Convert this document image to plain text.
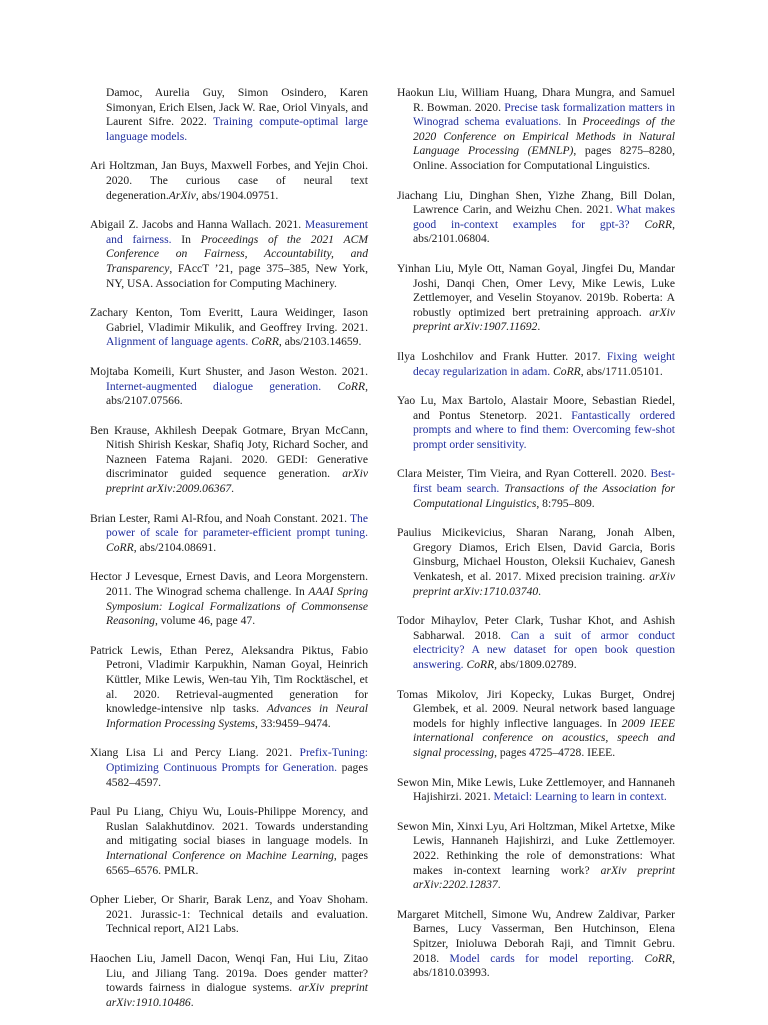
Damoc, Aurelia Guy, Simon Osindero, Karen Simonyan, Erich Elsen, Jack W. Rae, Oriol Vinyals, and Laurent Sifre. 2022. Training compute-optimal large language models.

Ari Holtzman, Jan Buys, Maxwell Forbes, and Yejin Choi. 2020. The curious case of neural text degeneration.ArXiv, abs/1904.09751.

Abigail Z. Jacobs and Hanna Wallach. 2021. Measurement and fairness. In Proceedings of the 2021 ACM Conference on Fairness, Accountability, and Transparency, FAccT ’21, page 375–385, New York, NY, USA. Association for Computing Machinery.

Zachary Kenton, Tom Everitt, Laura Weidinger, Iason Gabriel, Vladimir Mikulik, and Geoffrey Irving. 2021. Alignment of language agents. CoRR, abs/2103.14659.

Mojtaba Komeili, Kurt Shuster, and Jason Weston. 2021. Internet-augmented dialogue generation. CoRR, abs/2107.07566.

Ben Krause, Akhilesh Deepak Gotmare, Bryan McCann, Nitish Shirish Keskar, Shafiq Joty, Richard Socher, and Nazneen Fatema Rajani. 2020. GEDI: Generative discriminator guided sequence generation. arXiv preprint arXiv:2009.06367.

Brian Lester, Rami Al-Rfou, and Noah Constant. 2021. The power of scale for parameter-efficient prompt tuning. CoRR, abs/2104.08691.

Hector J Levesque, Ernest Davis, and Leora Morgenstern. 2011. The Winograd schema challenge. In AAAI Spring Symposium: Logical Formalizations of Commonsense Reasoning, volume 46, page 47.

Patrick Lewis, Ethan Perez, Aleksandra Piktus, Fabio Petroni, Vladimir Karpukhin, Naman Goyal, Heinrich Küttler, Mike Lewis, Wen-tau Yih, Tim Rocktäschel, et al. 2020. Retrieval-augmented generation for knowledge-intensive nlp tasks. Advances in Neural Information Processing Systems, 33:9459–9474.

Xiang Lisa Li and Percy Liang. 2021. Prefix-Tuning: Optimizing Continuous Prompts for Generation. pages 4582–4597.

Paul Pu Liang, Chiyu Wu, Louis-Philippe Morency, and Ruslan Salakhutdinov. 2021. Towards understanding and mitigating social biases in language models. In International Conference on Machine Learning, pages 6565–6576. PMLR.

Opher Lieber, Or Sharir, Barak Lenz, and Yoav Shoham. 2021. Jurassic-1: Technical details and evaluation. Technical report, AI21 Labs.

Haochen Liu, Jamell Dacon, Wenqi Fan, Hui Liu, Zitao Liu, and Jiliang Tang. 2019a. Does gender matter? towards fairness in dialogue systems. arXiv preprint arXiv:1910.10486.

Haokun Liu, William Huang, Dhara Mungra, and Samuel R. Bowman. 2020. Precise task formalization matters in Winograd schema evaluations. In Proceedings of the 2020 Conference on Empirical Methods in Natural Language Processing (EMNLP), pages 8275–8280, Online. Association for Computational Linguistics.

Jiachang Liu, Dinghan Shen, Yizhe Zhang, Bill Dolan, Lawrence Carin, and Weizhu Chen. 2021. What makes good in-context examples for gpt-3? CoRR, abs/2101.06804.

Yinhan Liu, Myle Ott, Naman Goyal, Jingfei Du, Mandar Joshi, Danqi Chen, Omer Levy, Mike Lewis, Luke Zettlemoyer, and Veselin Stoyanov. 2019b. Roberta: A robustly optimized bert pretraining approach. arXiv preprint arXiv:1907.11692.

Ilya Loshchilov and Frank Hutter. 2017. Fixing weight decay regularization in adam. CoRR, abs/1711.05101.

Yao Lu, Max Bartolo, Alastair Moore, Sebastian Riedel, and Pontus Stenetorp. 2021. Fantastically ordered prompts and where to find them: Overcoming few-shot prompt order sensitivity.

Clara Meister, Tim Vieira, and Ryan Cotterell. 2020. Best-first beam search. Transactions of the Association for Computational Linguistics, 8:795–809.

Paulius Micikevicius, Sharan Narang, Jonah Alben, Gregory Diamos, Erich Elsen, David Garcia, Boris Ginsburg, Michael Houston, Oleksii Kuchaiev, Ganesh Venkatesh, et al. 2017. Mixed precision training. arXiv preprint arXiv:1710.03740.

Todor Mihaylov, Peter Clark, Tushar Khot, and Ashish Sabharwal. 2018. Can a suit of armor conduct electricity? A new dataset for open book question answering. CoRR, abs/1809.02789.

Tomas Mikolov, Jiri Kopecky, Lukas Burget, Ondrej Glembek, et al. 2009. Neural network based language models for highly inflective languages. In 2009 IEEE international conference on acoustics, speech and signal processing, pages 4725–4728. IEEE.

Sewon Min, Mike Lewis, Luke Zettlemoyer, and Hannaneh Hajishirzi. 2021. Metaicl: Learning to learn in context.

Sewon Min, Xinxi Lyu, Ari Holtzman, Mikel Artetxe, Mike Lewis, Hannaneh Hajishirzi, and Luke Zettlemoyer. 2022. Rethinking the role of demonstrations: What makes in-context learning work? arXiv preprint arXiv:2202.12837.

Margaret Mitchell, Simone Wu, Andrew Zaldivar, Parker Barnes, Lucy Vasserman, Ben Hutchinson, Elena Spitzer, Inioluwa Deborah Raji, and Timnit Gebru. 2018. Model cards for model reporting. CoRR, abs/1810.03993.
